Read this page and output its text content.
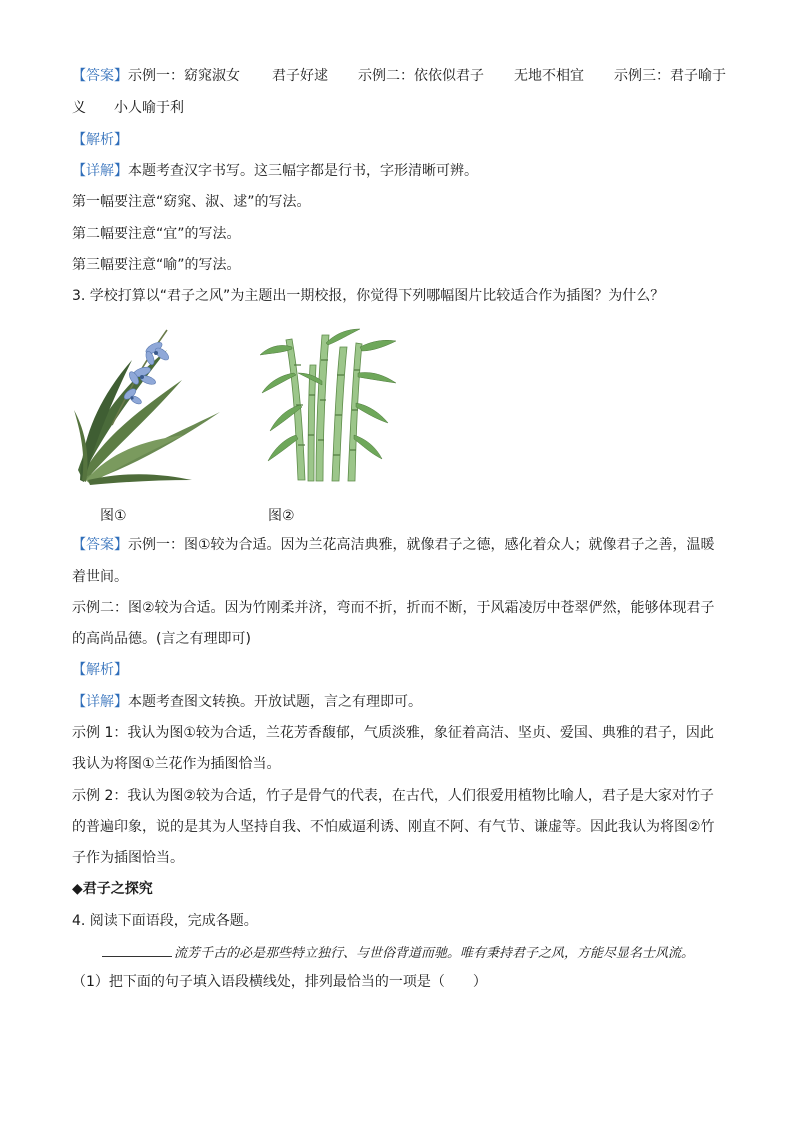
【答案】示例一：窈窕淑女 君子好逑 示例二：依依似君子 无地不相宜 示例三：君子喻于
义 小人喻于利
【解析】
【详解】本题考查汉字书写。这三幅字都是行书，字形清晰可辨。
第一幅要注意“窈窕、淑、逑”的写法。
第二幅要注意“宜”的写法。
第三幅要注意“喻”的写法。
3. 学校打算以“君子之风”为主题出一期校报，你觉得下列哪幅图片比较适合作为插图？为什么？
图①	图②
【答案】示例一：图①较为合适。因为兰花高洁典雅，就像君子之德，感化着众人；就像君子之善，温暖
着世间。
示例二：图②较为合适。因为竹刚柔并济，弯而不折，折而不断，于风霜凌厉中苍翠俨然，能够体现君子
的高尚品德。(言之有理即可)
【解析】
【详解】本题考查图文转换。开放试题，言之有理即可。
示例 1：我认为图①较为合适，兰花芳香馥郁，气质淡雅，象征着高洁、坚贞、爱国、典雅的君子，因此
我认为将图①兰花作为插图恰当。
示例 2：我认为图②较为合适，竹子是骨气的代表，在古代，人们很爱用植物比喻人，君子是大家对竹子
的普遍印象，说的是其为人坚持自我、不怕威逼利诱、刚直不阿、有气节、谦虚等。因此我认为将图②竹
子作为插图恰当。
◆君子之探究
4. 阅读下面语段，完成各题。
流芳千古的必是那些特立独行、与世俗背道而驰。唯有秉持君子之风，方能尽显名士风流。
（1）把下面的句子填入语段横线处，排列最恰当的一项是（　　）
